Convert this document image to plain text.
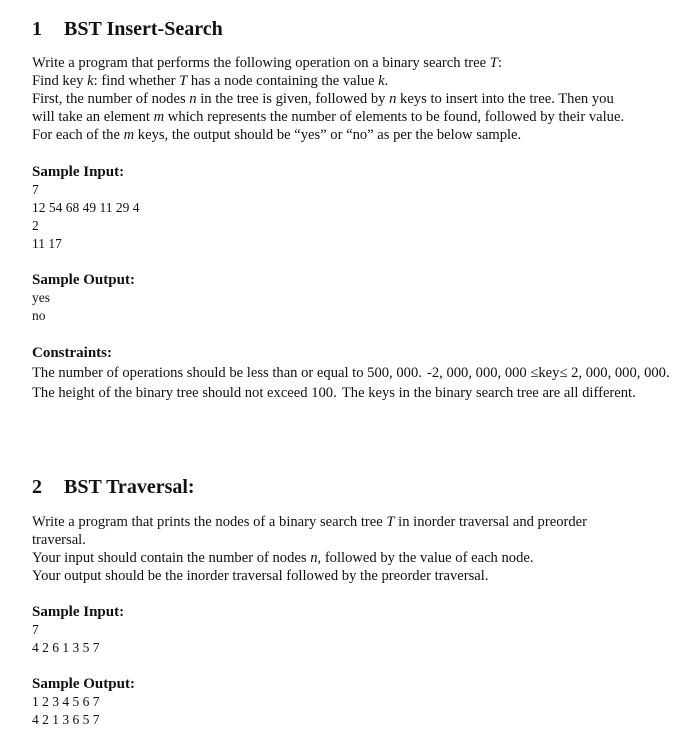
1 BST Insert-Search
Write a program that performs the following operation on a binary search tree T:
Find key k: find whether T has a node containing the value k.
First, the number of nodes n in the tree is given, followed by n keys to insert into the tree. Then you
will take an element m which represents the number of elements to be found, followed by their value.
For each of the m keys, the output should be “yes” or “no” as per the below sample.

Sample Input:

7
12 54 68 49 11 29 4
2
11 17

Sample Output:

yes
no

Constraints:

The number of operations should be less than or equal to 500, 000. -2, 000, 000, 000 ≤key≤ 2, 000, 000, 000. The height of the binary tree should not exceed 100. The keys in the binary search tree are all different.
2 BST Traversal:
Write a program that prints the nodes of a binary search tree T in inorder traversal and preorder
traversal.
Your input should contain the number of nodes n, followed by the value of each node.
Your output should be the inorder traversal followed by the preorder traversal.

Sample Input:

7
4 2 6 1 3 5 7

Sample Output:

1 2 3 4 5 6 7
4 2 1 3 6 5 7
